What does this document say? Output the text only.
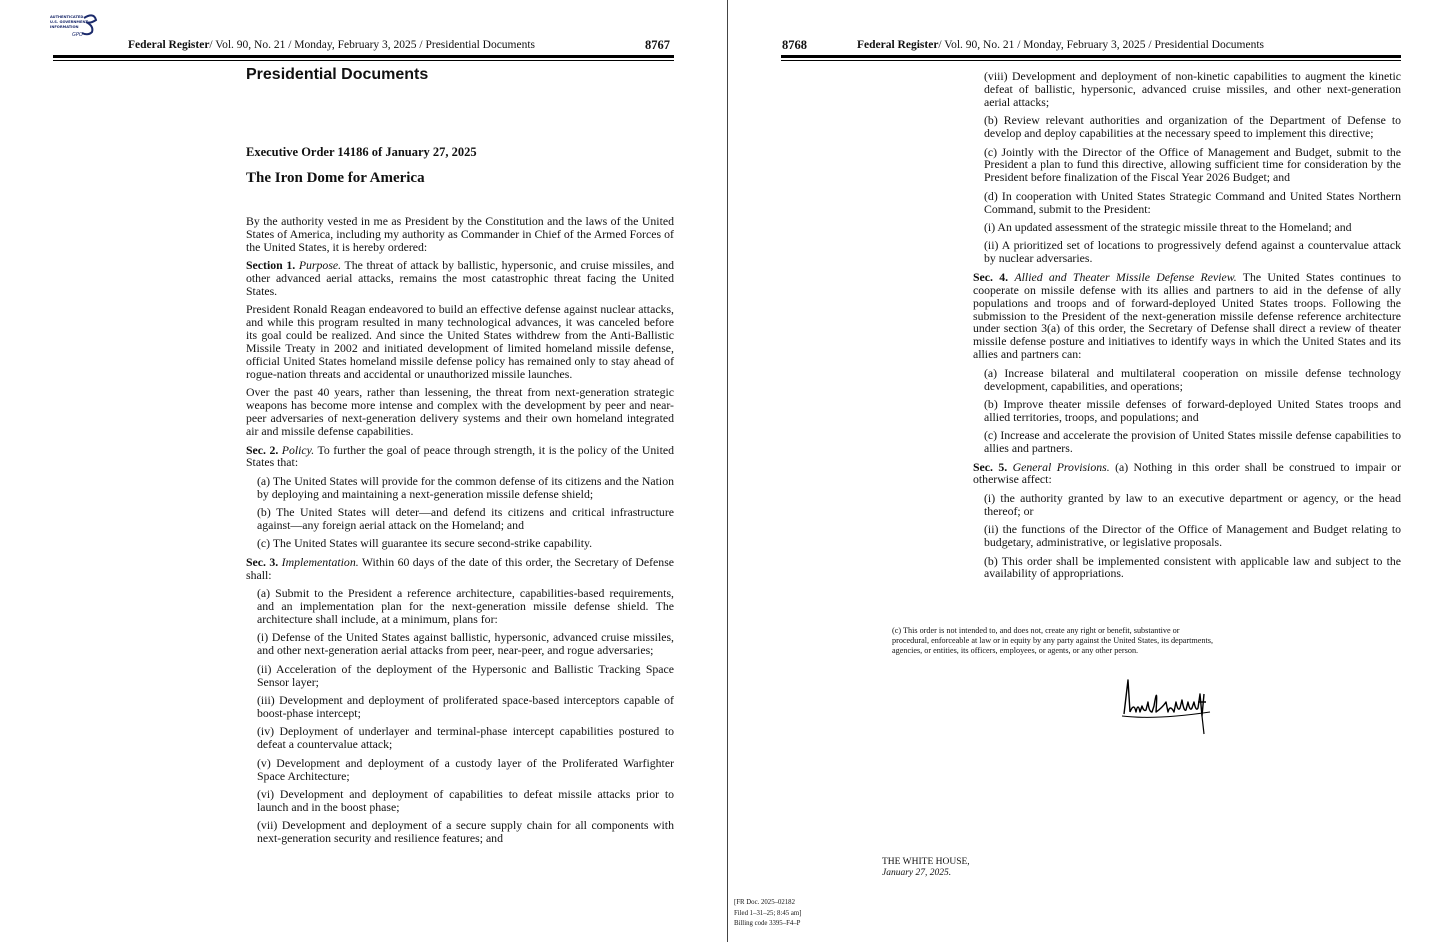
AUTHENTICATED
U.S. GOVERNMENT
INFORMATION
GPO
Federal Register/ Vol. 90, No. 21 / Monday, February 3, 2025 / Presidential Documents	8767
Presidential Documents
Executive Order 14186 of January 27, 2025
The Iron Dome for America

By the authority vested in me as President by the Constitution and the laws of the United States of America, including my authority as Commander in Chief of the Armed Forces of the United States, it is hereby ordered:

Section 1. Purpose. The threat of attack by ballistic, hypersonic, and cruise missiles, and other advanced aerial attacks, remains the most catastrophic threat facing the United States.

President Ronald Reagan endeavored to build an effective defense against nuclear attacks, and while this program resulted in many technological advances, it was canceled before its goal could be realized. And since the United States withdrew from the Anti-Ballistic Missile Treaty in 2002 and initiated development of limited homeland missile defense, official United States homeland missile defense policy has remained only to stay ahead of rogue-nation threats and accidental or unauthorized missile launches.

Over the past 40 years, rather than lessening, the threat from next-generation strategic weapons has become more intense and complex with the development by peer and near-peer adversaries of next-generation delivery systems and their own homeland integrated air and missile defense capabilities.

Sec. 2. Policy. To further the goal of peace through strength, it is the policy of the United States that:

(a) The United States will provide for the common defense of its citizens and the Nation by deploying and maintaining a next-generation missile defense shield;

(b) The United States will deter—and defend its citizens and critical infrastructure against—any foreign aerial attack on the Homeland; and

(c) The United States will guarantee its secure second-strike capability.

Sec. 3. Implementation. Within 60 days of the date of this order, the Secretary of Defense shall:

(a) Submit to the President a reference architecture, capabilities-based requirements, and an implementation plan for the next-generation missile defense shield. The architecture shall include, at a minimum, plans for:

(i) Defense of the United States against ballistic, hypersonic, advanced cruise missiles, and other next-generation aerial attacks from peer, near-peer, and rogue adversaries;

(ii) Acceleration of the deployment of the Hypersonic and Ballistic Tracking Space Sensor layer;

(iii) Development and deployment of proliferated space-based interceptors capable of boost-phase intercept;

(iv) Deployment of underlayer and terminal-phase intercept capabilities postured to defeat a countervalue attack;

(v) Development and deployment of a custody layer of the Proliferated Warfighter Space Architecture;

(vi) Development and deployment of capabilities to defeat missile attacks prior to launch and in the boost phase;

(vii) Development and deployment of a secure supply chain for all components with next-generation security and resilience features; and

8768	Federal Register/ Vol. 90, No. 21 / Monday, February 3, 2025 / Presidential Documents

(viii) Development and deployment of non-kinetic capabilities to augment the kinetic defeat of ballistic, hypersonic, advanced cruise missiles, and other next-generation aerial attacks;

(b) Review relevant authorities and organization of the Department of Defense to develop and deploy capabilities at the necessary speed to implement this directive;

(c) Jointly with the Director of the Office of Management and Budget, submit to the President a plan to fund this directive, allowing sufficient time for consideration by the President before finalization of the Fiscal Year 2026 Budget; and

(d) In cooperation with United States Strategic Command and United States Northern Command, submit to the President:

(i) An updated assessment of the strategic missile threat to the Homeland; and

(ii) A prioritized set of locations to progressively defend against a countervalue attack by nuclear adversaries.

Sec. 4. Allied and Theater Missile Defense Review. The United States continues to cooperate on missile defense with its allies and partners to aid in the defense of ally populations and troops and of forward-deployed United States troops. Following the submission to the President of the next-generation missile defense reference architecture under section 3(a) of this order, the Secretary of Defense shall direct a review of theater missile defense posture and initiatives to identify ways in which the United States and its allies and partners can:

(a) Increase bilateral and multilateral cooperation on missile defense technology development, capabilities, and operations;

(b) Improve theater missile defenses of forward-deployed United States troops and allied territories, troops, and populations; and

(c) Increase and accelerate the provision of United States missile defense capabilities to allies and partners.

Sec. 5. General Provisions. (a) Nothing in this order shall be construed to impair or otherwise affect:

(i) the authority granted by law to an executive department or agency, or the head thereof; or

(ii) the functions of the Director of the Office of Management and Budget relating to budgetary, administrative, or legislative proposals.

(b) This order shall be implemented consistent with applicable law and subject to the availability of appropriations.

(c) This order is not intended to, and does not, create any right or benefit, substantive or procedural, enforceable at law or in equity by any party against the United States, its departments, agencies, or entities, its officers, employees, or agents, or any other person.
THE WHITE HOUSE,
January 27, 2025.
[FR Doc. 2025–02182
Filed 1–31–25; 8:45 am]
Billing code 3395–F4–P
